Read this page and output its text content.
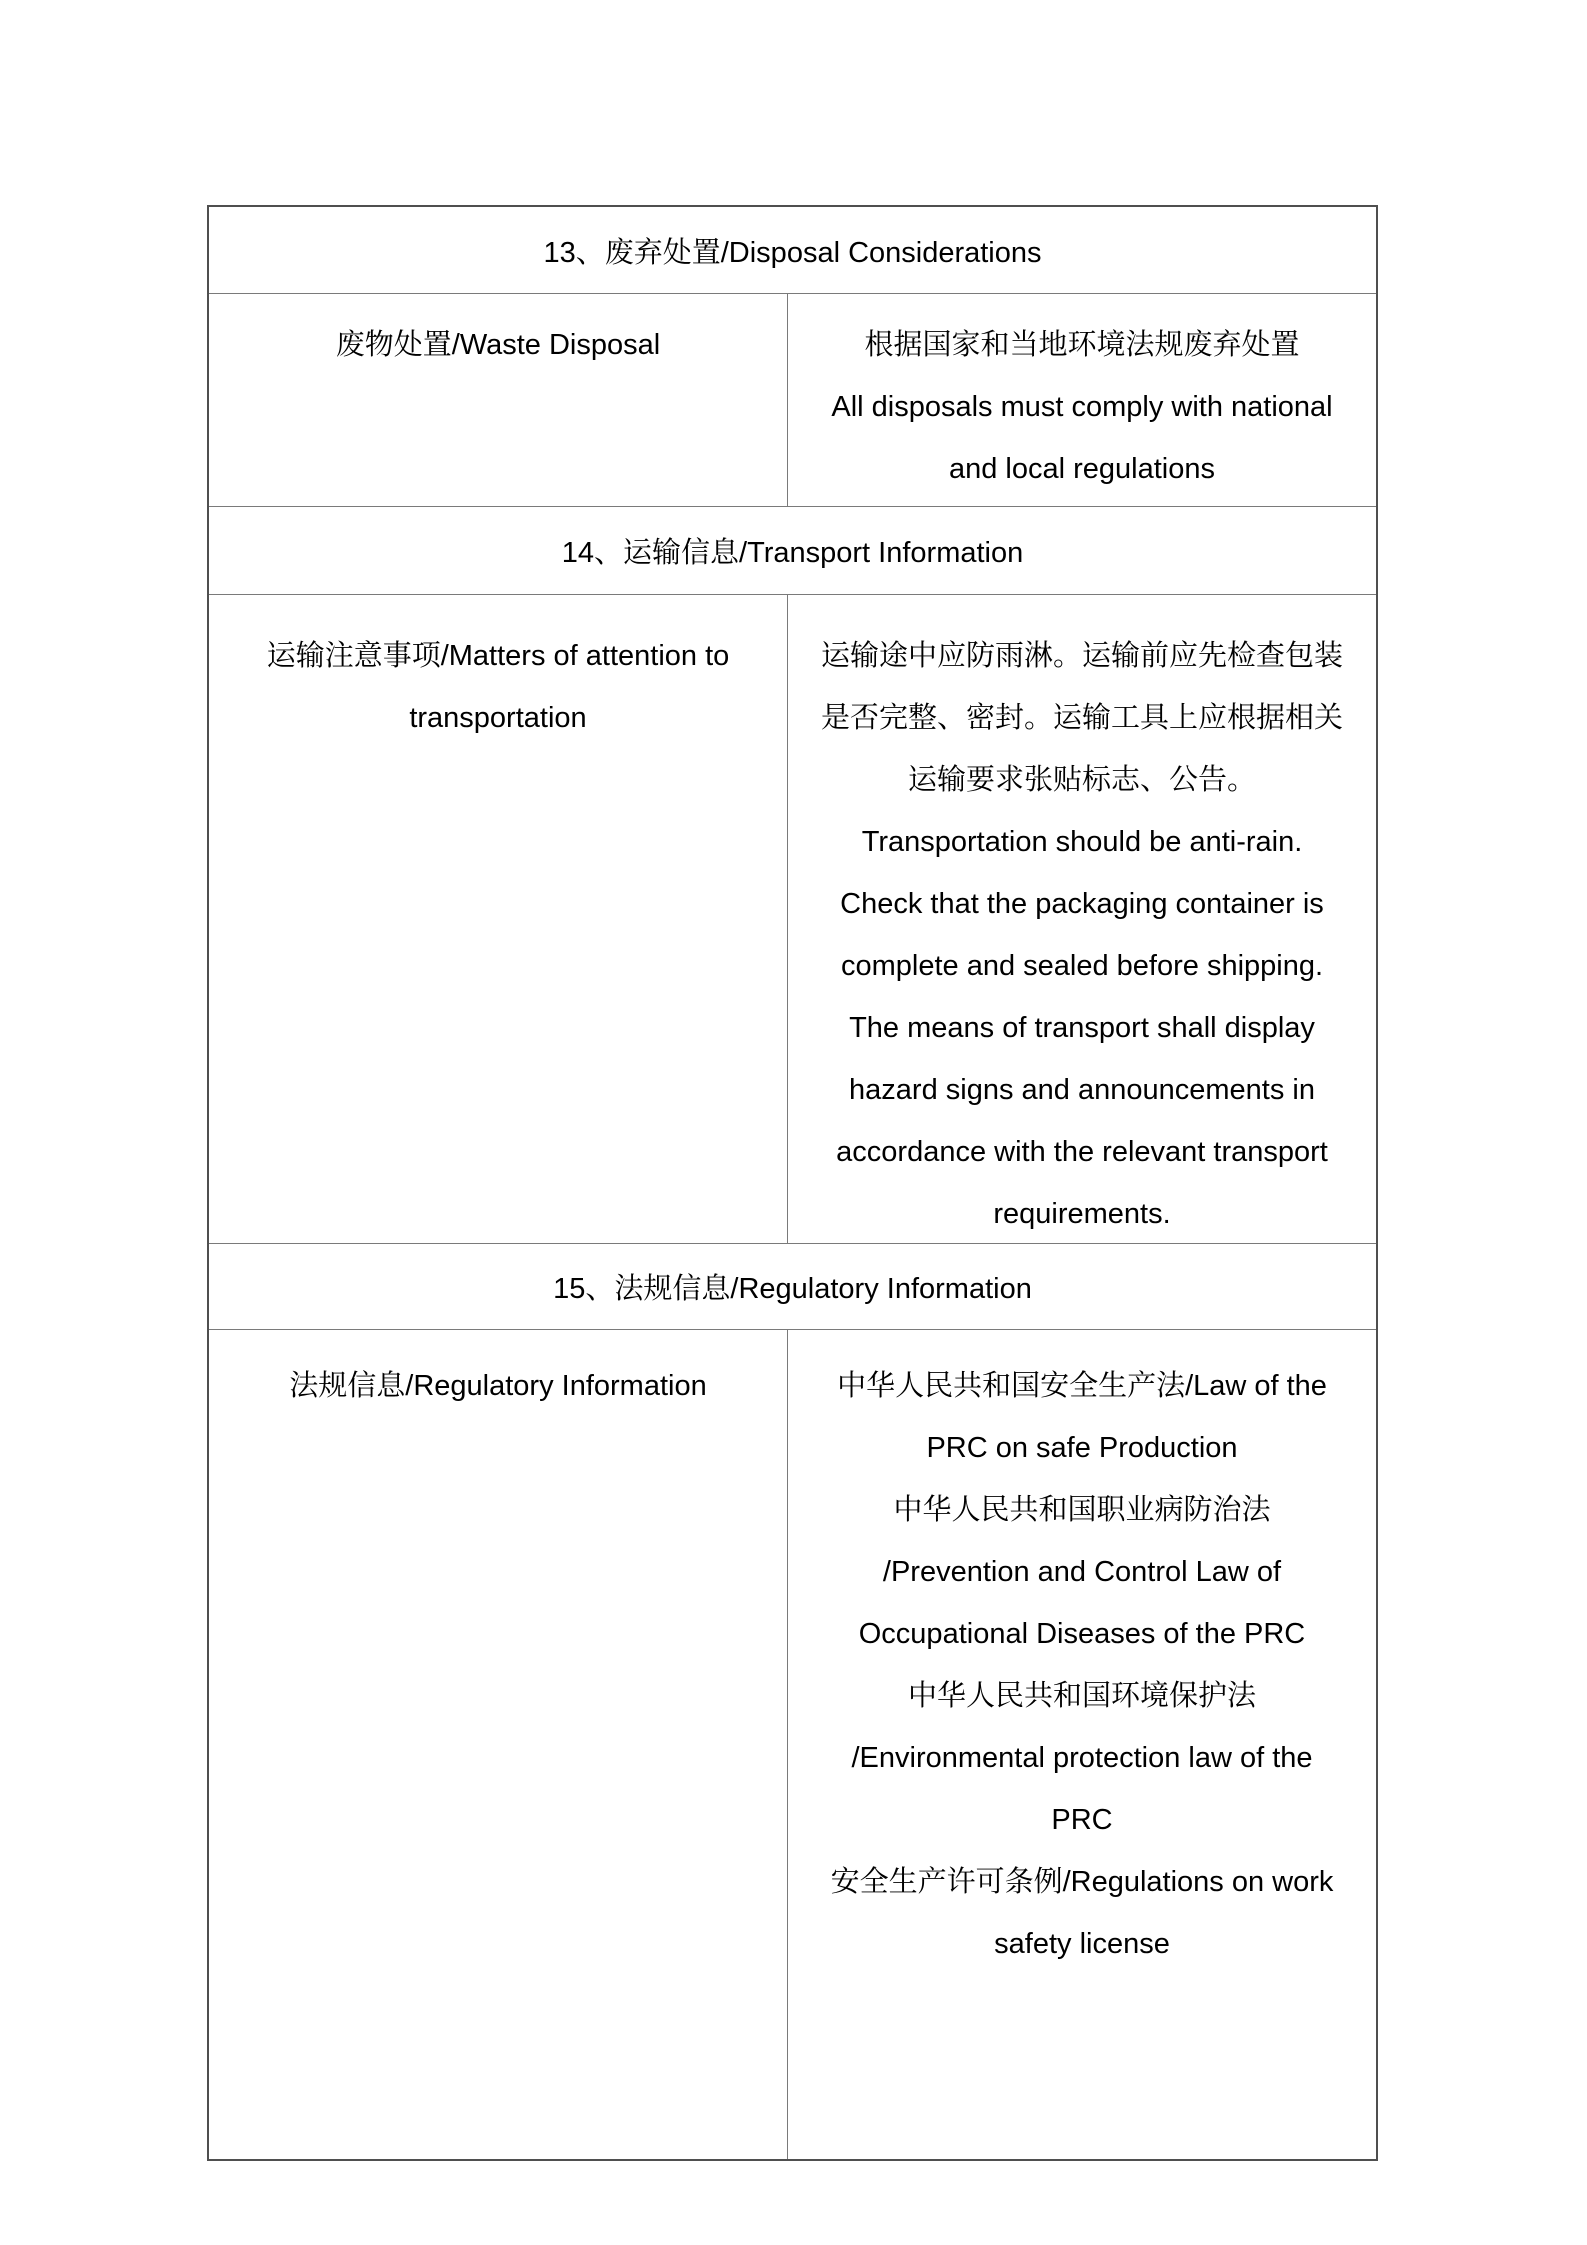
13、废弃处置/Disposal Considerations
废物处置/Waste Disposal	根据国家和当地环境法规废弃处置
All disposals must comply with national
and local regulations
14、运输信息/Transport Information
运输注意事项/Matters of attention to
transportation
运输途中应防雨淋。运输前应先检查包装
是否完整、密封。运输工具上应根据相关
运输要求张贴标志、公告。
Transportation should be anti-rain.
Check that the packaging container is
complete and sealed before shipping.
The means of transport shall display
hazard signs and announcements in
accordance with the relevant transport
requirements.
15、法规信息/Regulatory Information
法规信息/Regulatory Information	中华人民共和国安全生产法/Law of the
PRC on safe Production
中华人民共和国职业病防治法
/Prevention and Control Law of
Occupational Diseases of the PRC
中华人民共和国环境保护法
/Environmental protection law of the
PRC
安全生产许可条例/Regulations on work
safety license
